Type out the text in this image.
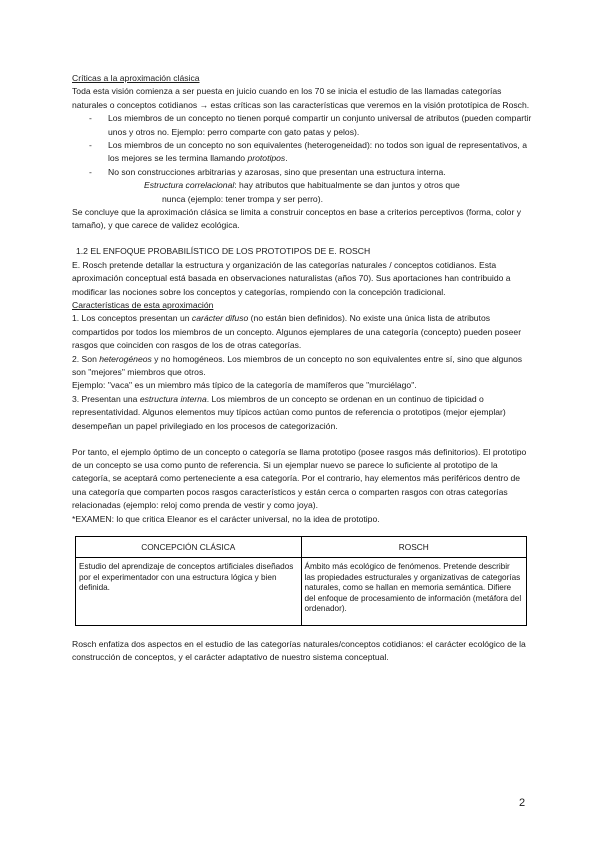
Críticas a la aproximación clásica

Toda esta visión comienza a ser puesta en juicio cuando en los 70 se inicia el estudio de las llamadas categorías naturales o conceptos cotidianos → estas críticas son las características que veremos en la visión prototípica de Rosch.

- Los miembros de un concepto no tienen porqué compartir un conjunto universal de atributos (pueden compartir unos y otros no. Ejemplo: perro comparte con gato patas y pelos).
- Los miembros de un concepto no son equivalentes (heterogeneidad): no todos son igual de representativos, a los mejores se les termina llamando prototipos.
- No son construcciones arbitrarias y azarosas, sino que presentan una estructura interna.

Estructura correlacional: hay atributos que habitualmente se dan juntos y otros que

nunca (ejemplo: tener trompa y ser perro).

Se concluye que la aproximación clásica se limita a construir conceptos en base a criterios perceptivos (forma, color y tamaño), y que carece de validez ecológica.

1.2 EL ENFOQUE PROBABILÍSTICO DE LOS PROTOTIPOS DE E. ROSCH

E. Rosch pretende detallar la estructura y organización de las categorías naturales / conceptos cotidianos. Esta aproximación conceptual está basada en observaciones naturalistas (años 70). Sus aportaciones han contribuido a modificar las nociones sobre los conceptos y categorías, rompiendo con la concepción tradicional.

Características de esta aproximación

1. Los conceptos presentan un carácter difuso (no están bien definidos). No existe una única lista de atributos compartidos por todos los miembros de un concepto. Algunos ejemplares de una categoría (concepto) pueden poseer rasgos que coinciden con rasgos de los de otras categorías.

2. Son heterogéneos y no homogéneos. Los miembros de un concepto no son equivalentes entre sí, sino que algunos son "mejores" miembros que otros.

Ejemplo: "vaca" es un miembro más típico de la categoría de mamíferos que "murciélago".

3. Presentan una estructura interna. Los miembros de un concepto se ordenan en un continuo de tipicidad o representatividad. Algunos elementos muy típicos actúan como puntos de referencia o prototipos (mejor ejemplar) desempeñan un papel privilegiado en los procesos de categorización.

Por tanto, el ejemplo óptimo de un concepto o categoría se llama prototipo (posee rasgos más definitorios). El prototipo de un concepto se usa como punto de referencia. Si un ejemplar nuevo se parece lo suficiente al prototipo de la categoría, se aceptará como perteneciente a esa categoría. Por el contrario, hay elementos más periféricos dentro de una categoría que comparten pocos rasgos característicos y están cerca o comparten rasgos con otras categorías relacionadas (ejemplo: reloj como prenda de vestir y como joya).

*EXAMEN: lo que critica Eleanor es el carácter universal, no la idea de prototipo.

CONCEPCIÓN CLÁSICA	ROSCH
Estudio del aprendizaje de conceptos artificiales diseñados por el experimentador con una estructura lógica y bien definida.	Ámbito más ecológico de fenómenos. Pretende describir las propiedades estructurales y organizativas de categorías naturales, como se hallan en memoria semántica. Difiere del enfoque de procesamiento de información (metáfora del ordenador).

Rosch enfatiza dos aspectos en el estudio de las categorías naturales/conceptos cotidianos: el carácter ecológico de la construcción de conceptos, y el carácter adaptativo de nuestro sistema conceptual.

2
